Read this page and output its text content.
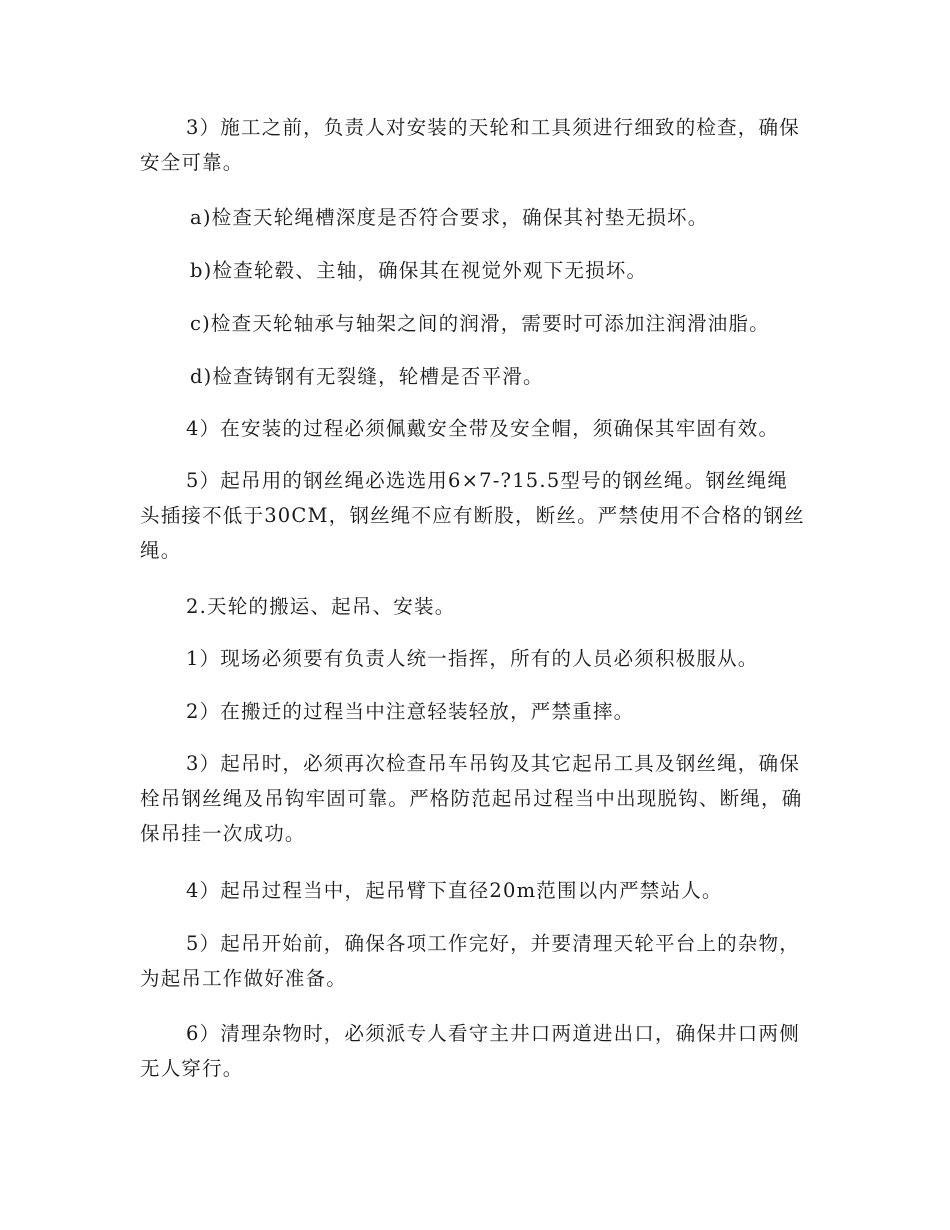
3）施工之前，负责人对安装的天轮和工具须进行细致的检查，确保安全可靠。

a)检查天轮绳槽深度是否符合要求，确保其衬垫无损坏。

b)检查轮毂、主轴，确保其在视觉外观下无损坏。

c)检查天轮轴承与轴架之间的润滑，需要时可添加注润滑油脂。

d)检查铸钢有无裂缝，轮槽是否平滑。

4）在安装的过程必须佩戴安全带及安全帽，须确保其牢固有效。

5）起吊用的钢丝绳必选选用6×7-?15.5型号的钢丝绳。钢丝绳绳头插接不低于30CM，钢丝绳不应有断股，断丝。严禁使用不合格的钢丝绳。

2.天轮的搬运、起吊、安装。

1）现场必须要有负责人统一指挥，所有的人员必须积极服从。

2）在搬迁的过程当中注意轻装轻放，严禁重摔。

3）起吊时，必须再次检查吊车吊钩及其它起吊工具及钢丝绳，确保栓吊钢丝绳及吊钩牢固可靠。严格防范起吊过程当中出现脱钩、断绳，确保吊挂一次成功。

4）起吊过程当中，起吊臂下直径20m范围以内严禁站人。

5）起吊开始前，确保各项工作完好，并要清理天轮平台上的杂物，为起吊工作做好准备。

6）清理杂物时，必须派专人看守主井口两道进出口，确保井口两侧无人穿行。
